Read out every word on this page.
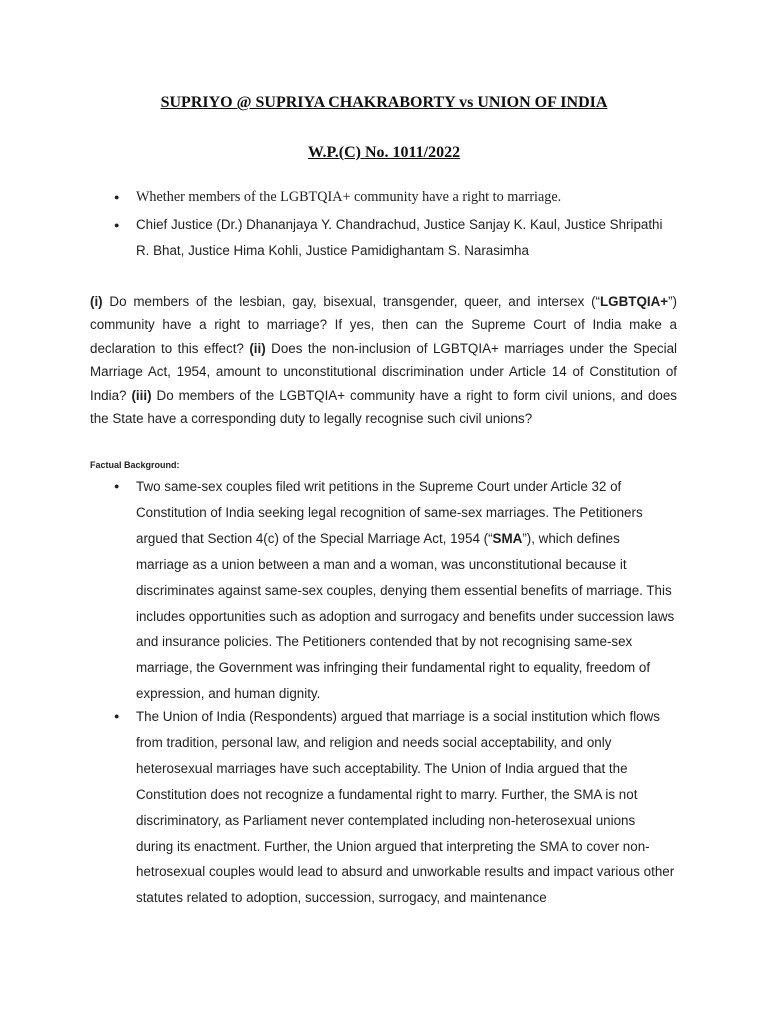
SUPRIYO @ SUPRIYA CHAKRABORTY vs UNION OF INDIA
W.P.(C) No. 1011/2022
● Whether members of the LGBTQIA+ community have a right to marriage.
● Chief Justice (Dr.) Dhananjaya Y. Chandrachud, Justice Sanjay K. Kaul, Justice Shripathi R. Bhat, Justice Hima Kohli, Justice Pamidighantam S. Narasimha
(i) Do members of the lesbian, gay, bisexual, transgender, queer, and intersex (“LGBTQIA+”) community have a right to marriage? If yes, then can the Supreme Court of India make a declaration to this effect? (ii) Does the non-inclusion of LGBTQIA+ marriages under the Special Marriage Act, 1954, amount to unconstitutional discrimination under Article 14 of Constitution of India? (iii) Do members of the LGBTQIA+ community have a right to form civil unions, and does the State have a corresponding duty to legally recognise such civil unions?
Factual Background:
● Two same-sex couples filed writ petitions in the Supreme Court under Article 32 of Constitution of India seeking legal recognition of same-sex marriages. The Petitioners argued that Section 4(c) of the Special Marriage Act, 1954 (“SMA”), which defines marriage as a union between a man and a woman, was unconstitutional because it discriminates against same-sex couples, denying them essential benefits of marriage. This includes opportunities such as adoption and surrogacy and benefits under succession laws and insurance policies. The Petitioners contended that by not recognising same-sex marriage, the Government was infringing their fundamental right to equality, freedom of expression, and human dignity.
● The Union of India (Respondents) argued that marriage is a social institution which flows from tradition, personal law, and religion and needs social acceptability, and only heterosexual marriages have such acceptability. The Union of India argued that the Constitution does not recognize a fundamental right to marry. Further, the SMA is not discriminatory, as Parliament never contemplated including non-heterosexual unions during its enactment. Further, the Union argued that interpreting the SMA to cover non-hetrosexual couples would lead to absurd and unworkable results and impact various other statutes related to adoption, succession, surrogacy, and maintenance
